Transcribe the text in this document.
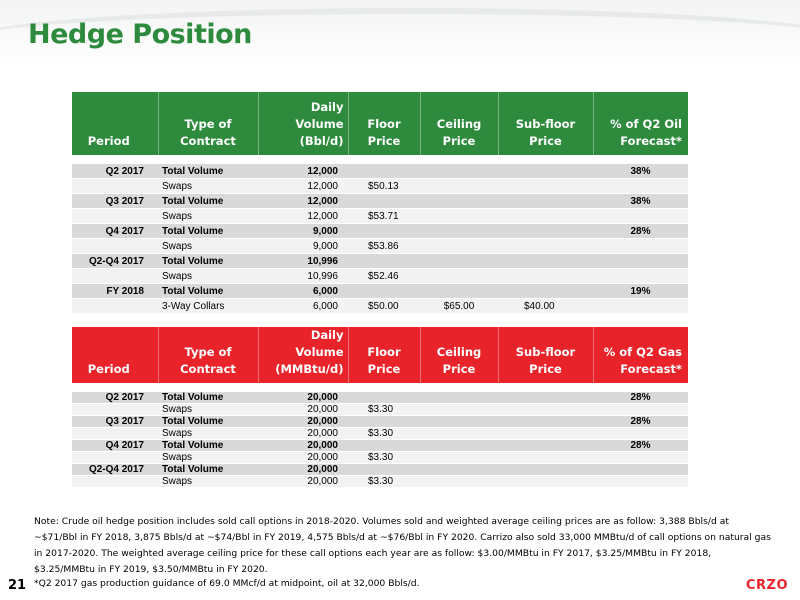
Hedge Position
Period	Type of Contract	Daily Volume (Bbl/d)	Floor Price	Ceiling Price	Sub-floor Price	% of Q2 Oil Forecast*

Q2 2017	Total Volume	12,000				38%
	Swaps	12,000	$50.13			
Q3 2017	Total Volume	12,000				38%
	Swaps	12,000	$53.71			
Q4 2017	Total Volume	9,000				28%
	Swaps	9,000	$53.86			
Q2-Q4 2017	Total Volume	10,996				
	Swaps	10,996	$52.46			
FY 2018	Total Volume	6,000				19%
	3-Way Collars	6,000	$50.00	$65.00	$40.00	
Period	Type of Contract	Daily Volume (MMBtu/d)	Floor Price	Ceiling Price	Sub-floor Price	% of Q2 Gas Forecast*

Q2 2017	Total Volume	20,000				28%
	Swaps	20,000	$3.30			
Q3 2017	Total Volume	20,000				28%
	Swaps	20,000	$3.30			
Q4 2017	Total Volume	20,000				28%
	Swaps	20,000	$3.30			
Q2-Q4 2017	Total Volume	20,000				
	Swaps	20,000	$3.30			
Note: Crude oil hedge position includes sold call options in 2018-2020. Volumes sold and weighted average ceiling prices are as follow: 3,388 Bbls/d at ~$71/Bbl in FY 2018, 3,875 Bbls/d at ~$74/Bbl in FY 2019, 4,575 Bbls/d at ~$76/Bbl in FY 2020. Carrizo also sold 33,000 MMBtu/d of call options on natural gas in 2017-2020. The weighted average ceiling price for these call options each year are as follow: $3.00/MMBtu in FY 2017, $3.25/MMBtu in FY 2018, $3.25/MMBtu in FY 2019, $3.50/MMBtu in FY 2020.
21 *Q2 2017 gas production guidance of 69.0 MMcf/d at midpoint, oil at 32,000 Bbls/d.	CRZO
